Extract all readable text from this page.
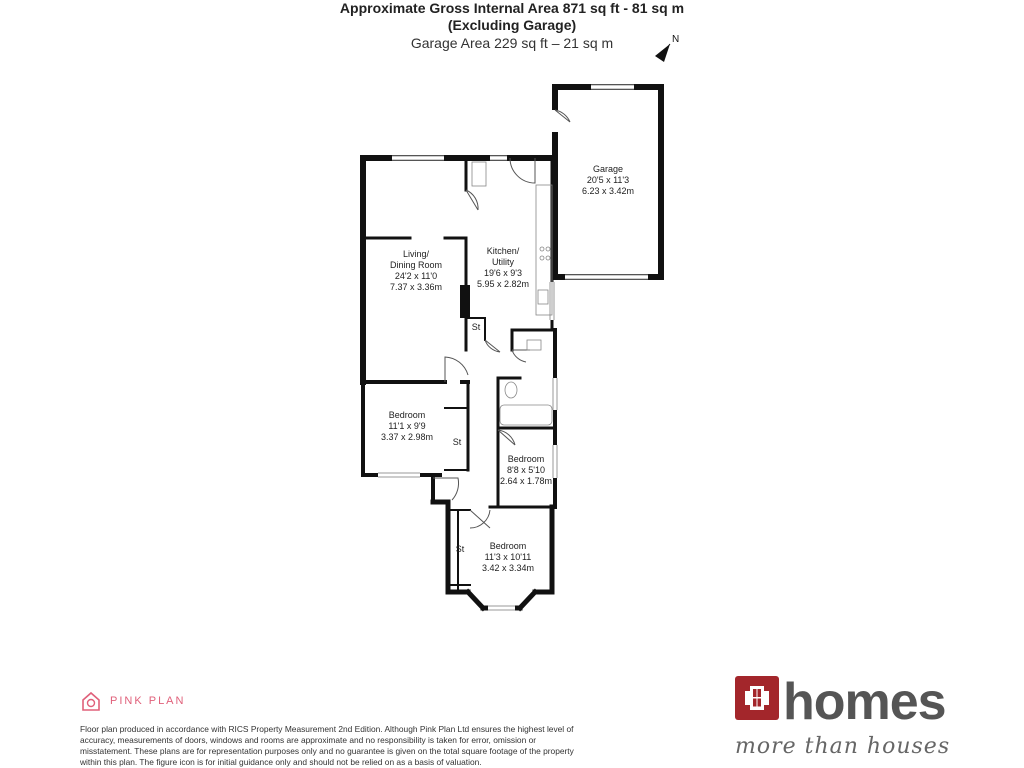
Approximate Gross Internal Area 871 sq ft - 81 sq m
(Excluding Garage)
Garage Area 229 sq ft – 21 sq m	N
Garage
20'5 x 11'3
6.23 x 3.42m
Living/
Dining Room
24'2 x 11'0
7.37 x 3.36m
Kitchen/
Utility
19'6 x 9'3
5.95 x 2.82m
Bedroom
11'1 x 9'9
3.37 x 2.98m
Bedroom
8'8 x 5'10
2.64 x 1.78m
Bedroom
11'3 x 10'11
3.42 x 3.34m
St
St
St
PINK PLAN
Floor plan produced in accordance with RICS Property Measurement 2nd Edition. Although Pink Plan Ltd ensures the highest level of accuracy, measurements of doors, windows and rooms are approximate and no responsibility is taken for error, omission or misstatement. These plans are for representation purposes only and no guarantee is given on the total square footage of the property within this plan. The figure icon is for initial guidance only and should not be relied on as a basis of valuation.
homes
more than houses
